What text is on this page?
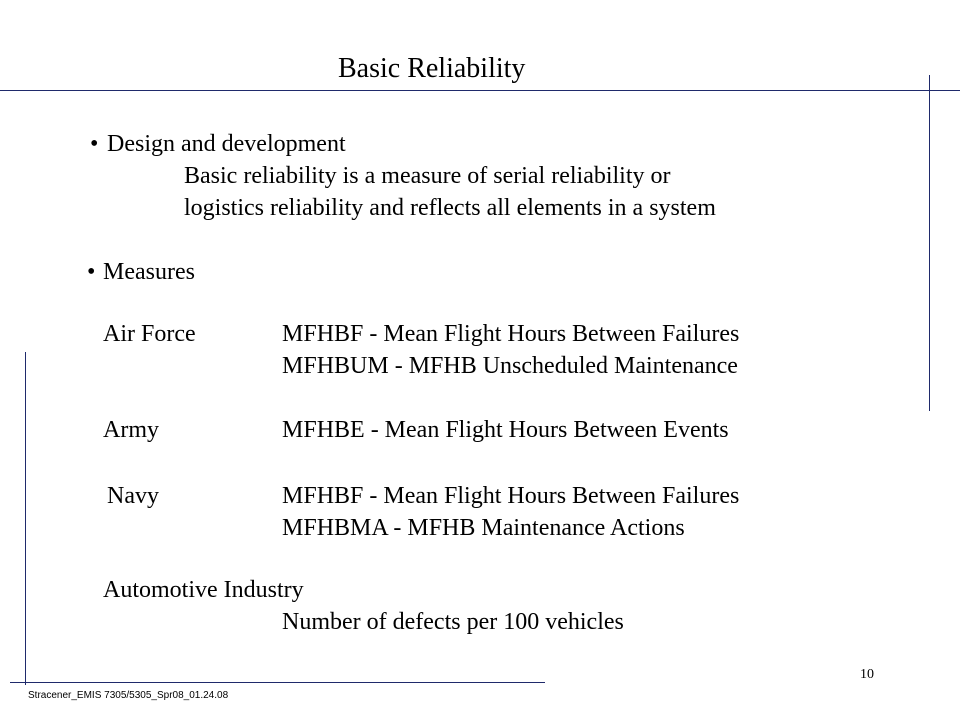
Basic Reliability
• Design and development
Basic reliability is a measure of serial reliability or
logistics reliability and reflects all elements in a system
• Measures
Air Force	MFHBF - Mean Flight Hours Between Failures
MFHBUM - MFHB Unscheduled Maintenance
Army	MFHBE - Mean Flight Hours Between Events
Navy	MFHBF - Mean Flight Hours Between Failures
MFHBMA - MFHB Maintenance Actions
Automotive Industry
Number of defects per 100 vehicles
10
Stracener_EMIS 7305/5305_Spr08_01.24.08
